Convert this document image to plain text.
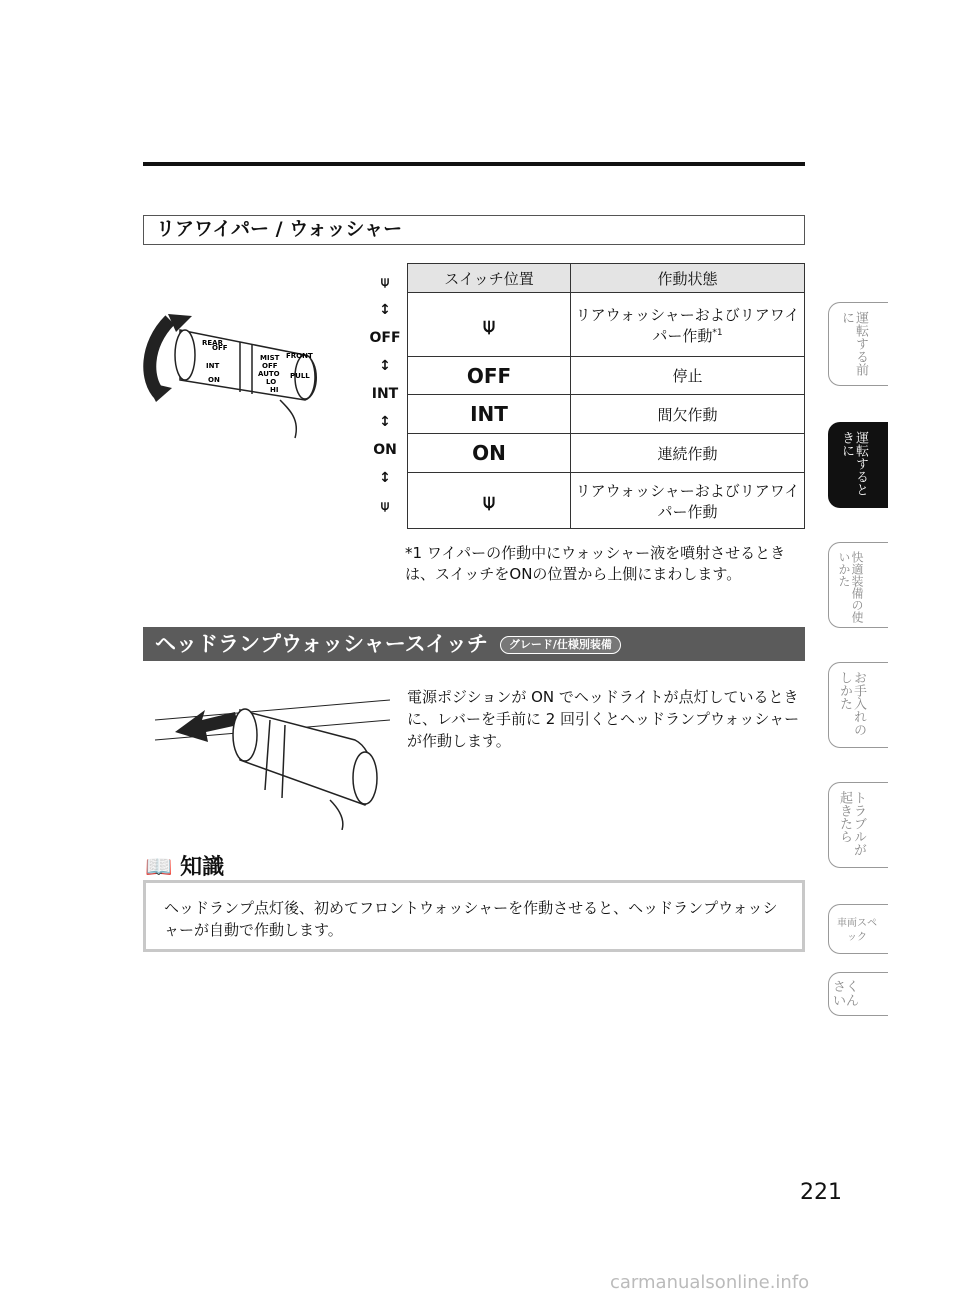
リアワイパー / ウォッシャー
REAR
OFF
INT
ON
MIST
OFF
AUTO
LO
HI
FRONT
PULL
⍦
↕
OFF
↕
INT
↕
ON
↕
⍦
スイッチ位置	作動状態
⍦	リアウォッシャーおよびリアワイパー作動$^{*1}$
OFF	停止
INT	間欠作動
ON	連続作動
⍦	リアウォッシャーおよびリアワイパー作動
*1 ワイパーの作動中にウォッシャー液を噴射させるときは、スイッチをONの位置から上側にまわします。
ヘッドランプウォッシャースイッチ グレード/仕様別装備
電源ポジションが ON でヘッドライトが点灯しているときに、レバーを手前に 2 回引くとヘッドランプウォッシャーが作動します。
📖 知識
ヘッドランプ点灯後、初めてフロントウォッシャーを作動させると、ヘッドランプウォッシャーが自動で作動します。
運転する前に
運転するときに
快適装備の使いかた
お手入れのしかた
トラブルが起きたら
車両スペック
さくいん
221
carmanualsonline.info
